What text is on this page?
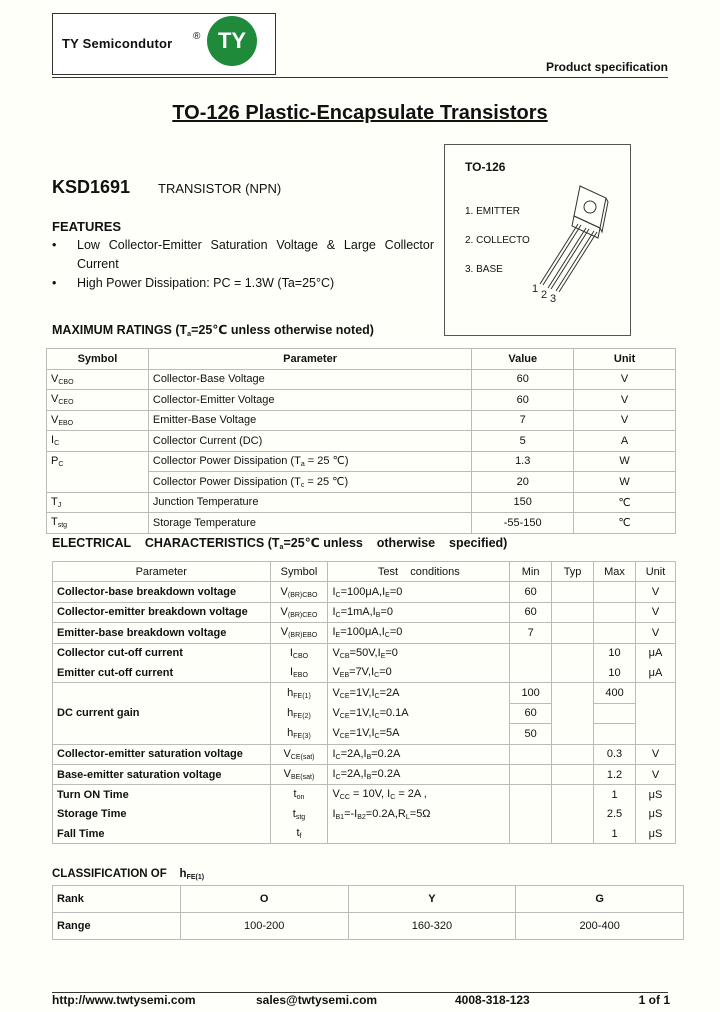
TY Semicondutor ® TY
Product specification
TO-126 Plastic-Encapsulate Transistors
TO-126
1. EMITTER
2. COLLECTO
3. BASE
1 2 3
KSD1691 TRANSISTOR (NPN)
FEATURES
• Low Collector-Emitter Saturation Voltage & Large Collector Current
• High Power Dissipation: PC = 1.3W (Ta=25°C)
MAXIMUM RATINGS ($T_a=25℃$ unless otherwise noted)
Symbol	Parameter	Value	Unit
$V_{CBO}$	Collector-Base Voltage	60	V
$V_{CEO}$	Collector-Emitter Voltage	60	V
$V_{EBO}$	Emitter-Base Voltage	7	V
$I_C$	Collector Current (DC)	5	A
$P_C$	Collector Power Dissipation ($T_a = 25$ ℃)	1.3	W
	Collector Power Dissipation ($T_c = 25$ ℃)	20	W
$T_J$	Junction Temperature	150	℃
$T_{stg}$	Storage Temperature	-55-150	℃
ELECTRICAL    CHARACTERISTICS ($T_a=25℃$ unless    otherwise    specified)
Parameter	Symbol	Test    conditions	Min	Typ	Max	Unit
Collector-base breakdown voltage	$V_{(BR)CBO}$	$I_C=100\mu A,I_E=0$	60			V
Collector-emitter breakdown voltage	$V_{(BR)CEO}$	$I_C=1mA,I_B=0$	60			V
Emitter-base breakdown voltage	$V_{(BR)EBO}$	$I_E=100\mu A,I_C=0$	7			V
Collector cut-off current	$I_{CBO}$	$V_{CB}=50V,I_E=0$			10	μA
Emitter cut-off current	$I_{EBO}$	$V_{EB}=7V,I_C=0$			10	μA
DC current gain	$h_{FE(1)}$	$V_{CE}=1V,I_C=2A$	100		400	
	$h_{FE(2)}$	$V_{CE}=1V,I_C=0.1A$	60			
	$h_{FE(3)}$	$V_{CE}=1V,I_C=5A$	50			
Collector-emitter saturation voltage	$V_{CE(sat)}$	$I_C=2A,I_B=0.2A$			0.3	V
Base-emitter saturation voltage	$V_{BE(sat)}$	$I_C=2A,I_B=0.2A$			1.2	V
Turn ON Time	$t_{on}$	$V_{CC} = 10V$, $I_C = 2A$ ,			1	μS
Storage Time	$t_{stg}$	$I_{B1}=-I_{B2}=0.2A,R_L=5\Omega$			2.5	μS
Fall Time	$t_f$				1	μS
CLASSIFICATION OF    $h_{FE(1)}$
Rank	O	Y	G
Range	100-200	160-320	200-400
http://www.twtysemi.com	sales@twtysemi.com	4008-318-123	1 of 1
